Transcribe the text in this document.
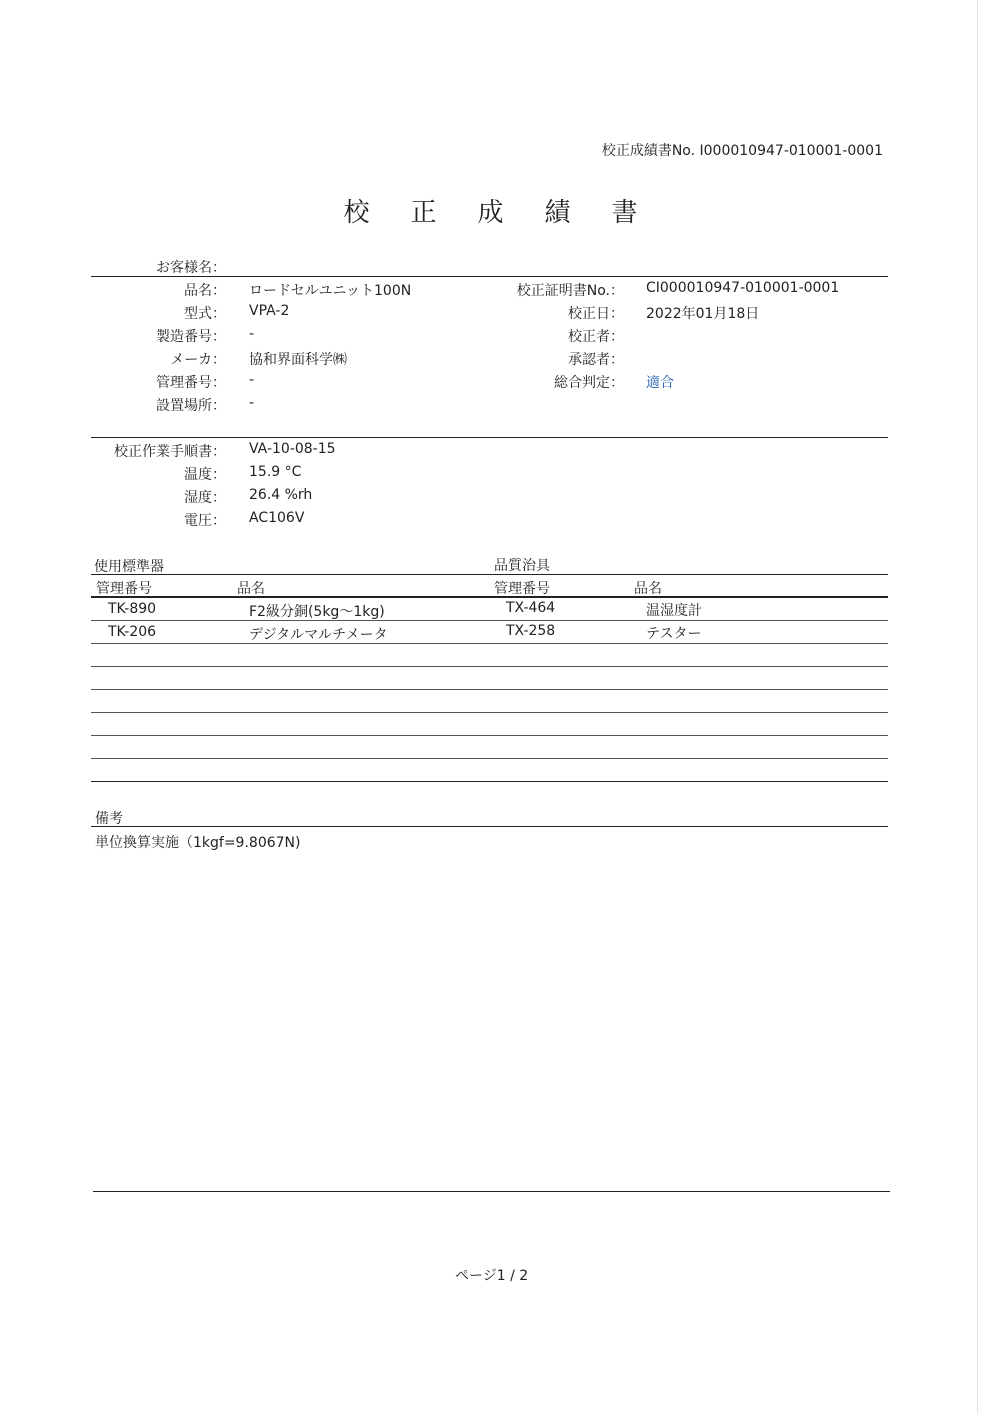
校正成績書No. I000010947-010001-0001
校 正 成 績 書
お客様名：
品名： ロードセルユニット100N
型式： VPA-2
製造番号： -
メーカ： 協和界面科学㈱
管理番号： -
設置場所： -
校正証明書No.： CI000010947-010001-0001
校正日： 2022年01月18日
校正者：
承認者：
総合判定： 適合
校正作業手順書： VA-10-08-15
温度： 15.9 °C
湿度： 26.4 %rh
電圧： AC106V
使用標準器	品質治具
管理番号	品名	管理番号	品名
TK-890	F2級分銅(5kg～1kg)	TX-464	温湿度計
TK-206	デジタルマルチメータ	TX-258	テスター
備考
単位換算実施（1kgf=9.8067N)
ページ1 / 2
